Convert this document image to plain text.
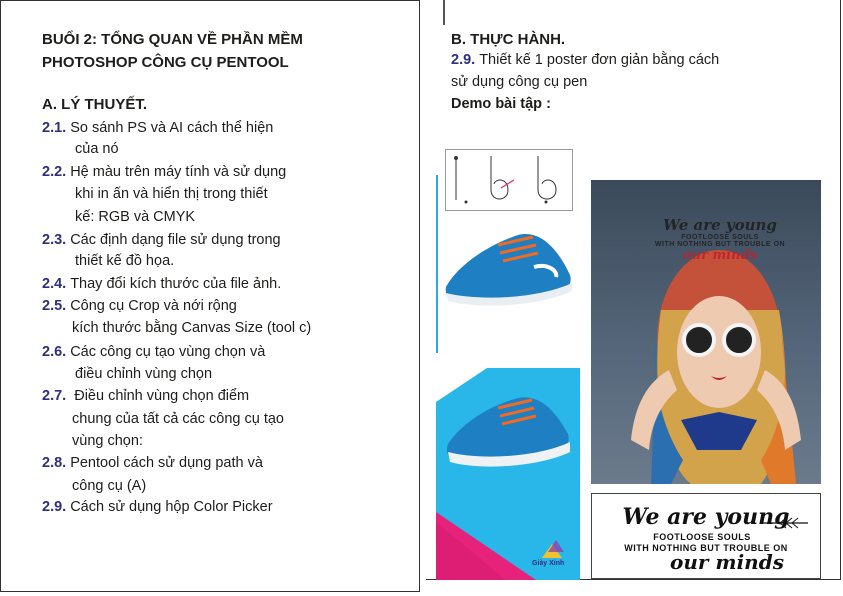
BUỔI 2: TỔNG QUAN VỀ PHẦN MỀM
PHOTOSHOP CÔNG CỤ PENTOOL
A. LÝ THUYẾT.
2.1. So sánh PS và AI cách thể hiện
của nó
2.2. Hệ màu trên máy tính và sử dụng
khi in ấn và hiển thị trong thiết
kế: RGB và CMYK
2.3. Các định dạng file sử dụng trong
thiết kế đồ họa.
2.4. Thay đổi kích thước của file ảnh.
2.5. Công cụ Crop và nới rộng
kích thước bằng Canvas Size (tool c)
2.6. Các công cụ tạo vùng chọn và
điều chỉnh vùng chọn
2.7. Điều chỉnh vùng chọn điểm
chung của tất cả các công cụ tạo
vùng chọn:
2.8. Pentool cách sử dụng path và
công cụ (A)
2.9. Cách sử dụng hộp Color Picker
B. THỰC HÀNH.
2.9. Thiết kế 1 poster đơn giản bằng cách
sử dụng công cụ pen
Demo bài tập :
Giày Xinh
We are young
FOOTLOOSE SOULS
WITH NOTHING BUT TROUBLE ON
our minds
We are young
FOOTLOOSE SOULS
WITH NOTHING BUT TROUBLE ON
our minds
